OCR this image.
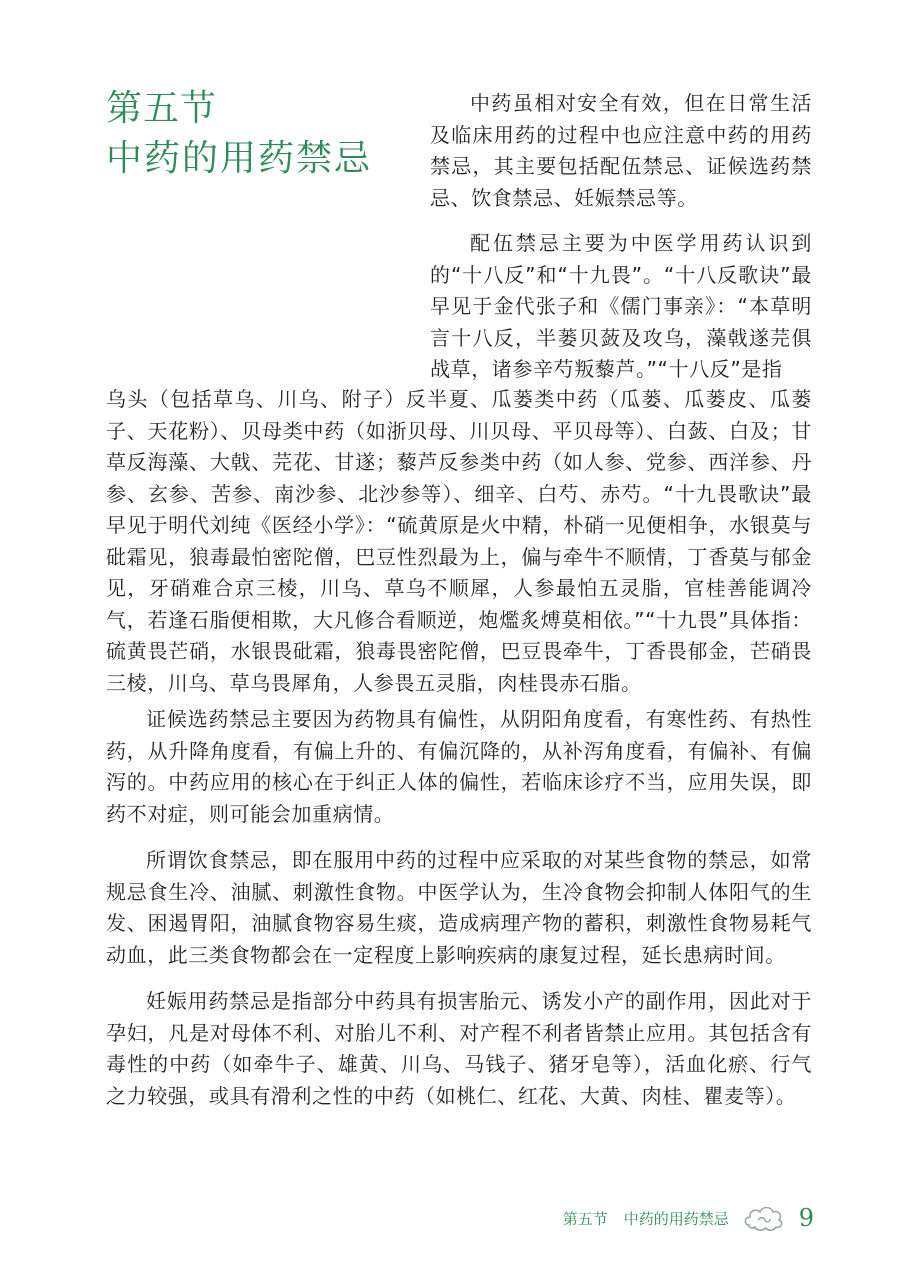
第五节
中药的用药禁忌

中药虽相对安全有效，但在日常生活及临床用药的过程中也应注意中药的用药禁忌，其主要包括配伍禁忌、证候选药禁忌、饮食禁忌、妊娠禁忌等。

配伍禁忌主要为中医学用药认识到的“十八反”和“十九畏”。“十八反歌诀”最早见于金代张子和《儒门事亲》：“本草明言十八反，半蒌贝蔹及攻乌，藻戟遂芫俱战草，诸参辛芍叛藜芦。”“十八反”是指

乌头（包括草乌、川乌、附子）反半夏、瓜蒌类中药（瓜蒌、瓜蒌皮、瓜蒌子、天花粉）、贝母类中药（如浙贝母、川贝母、平贝母等）、白蔹、白及；甘草反海藻、大戟、芫花、甘遂；藜芦反参类中药（如人参、党参、西洋参、丹参、玄参、苦参、南沙参、北沙参等）、细辛、白芍、赤芍。“十九畏歌诀”最早见于明代刘纯《医经小学》：“硫黄原是火中精，朴硝一见便相争，水银莫与砒霜见，狼毒最怕密陀僧，巴豆性烈最为上，偏与牵牛不顺情，丁香莫与郁金见，牙硝难合京三棱，川乌、草乌不顺犀，人参最怕五灵脂，官桂善能调冷气，若逢石脂便相欺，大凡修合看顺逆，炮爁炙煿莫相依。”“十九畏”具体指：硫黄畏芒硝，水银畏砒霜，狼毒畏密陀僧，巴豆畏牵牛，丁香畏郁金，芒硝畏三棱，川乌、草乌畏犀角，人参畏五灵脂，肉桂畏赤石脂。

证候选药禁忌主要因为药物具有偏性，从阴阳角度看，有寒性药、有热性药，从升降角度看，有偏上升的、有偏沉降的，从补泻角度看，有偏补、有偏泻的。中药应用的核心在于纠正人体的偏性，若临床诊疗不当，应用失误，即药不对症，则可能会加重病情。

所谓饮食禁忌，即在服用中药的过程中应采取的对某些食物的禁忌，如常规忌食生冷、油腻、刺激性食物。中医学认为，生冷食物会抑制人体阳气的生发、困遏胃阳，油腻食物容易生痰，造成病理产物的蓄积，刺激性食物易耗气动血，此三类食物都会在一定程度上影响疾病的康复过程，延长患病时间。

妊娠用药禁忌是指部分中药具有损害胎元、诱发小产的副作用，因此对于孕妇，凡是对母体不利、对胎儿不利、对产程不利者皆禁止应用。其包括含有毒性的中药（如牵牛子、雄黄、川乌、马钱子、猪牙皂等），活血化瘀、行气之力较强，或具有滑利之性的中药（如桃仁、红花、大黄、肉桂、瞿麦等）。

第五节 中药的用药禁忌	9
